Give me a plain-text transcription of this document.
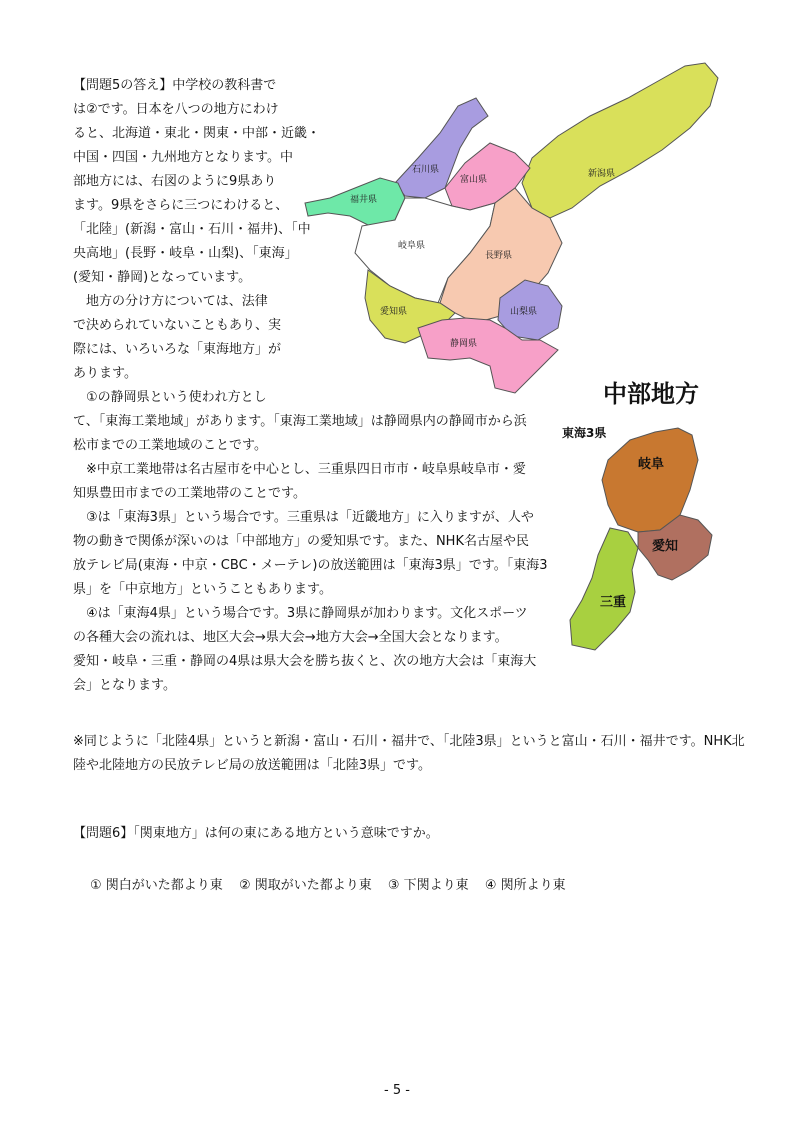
【問題5の答え】中学校の教科書で
は②です。日本を八つの地方にわけ
ると、北海道・東北・関東・中部・近畿・
中国・四国・九州地方となります。中
部地方には、右図のように9県あり
ます。9県をさらに三つにわけると、
「北陸」(新潟・富山・石川・福井)、「中
央高地」(長野・岐阜・山梨)、「東海」
(愛知・静岡)となっています。
　地方の分け方については、法律
で決められていないこともあり、実
際には、いろいろな「東海地方」が
あります。
　①の静岡県という使われ方とし
て、「東海工業地域」があります。「東海工業地域」は静岡県内の静岡市から浜
松市までの工業地域のことです。
　※中京工業地帯は名古屋市を中心とし、三重県四日市市・岐阜県岐阜市・愛
知県豊田市までの工業地帯のことです。
　③は「東海3県」という場合です。三重県は「近畿地方」に入りますが、人や
物の動きで関係が深いのは「中部地方」の愛知県です。また、NHK名古屋や民
放テレビ局(東海・中京・CBC・メーテレ)の放送範囲は「東海3県」です。「東海3
県」を「中京地方」ということもあります。
　④は「東海4県」という場合です。3県に静岡県が加わります。文化スポーツ
の各種大会の流れは、地区大会→県大会→地方大会→全国大会となります。
愛知・岐阜・三重・静岡の4県は県大会を勝ち抜くと、次の地方大会は「東海大
会」となります。
新潟県
富山県
石川県
福井県
岐阜県
長野県
山梨県
愛知県
静岡県
中部地方
東海3県
岐阜
愛知
三重
※同じように「北陸4県」というと新潟・富山・石川・福井で、「北陸3県」というと富山・石川・福井です。NHK北
陸や北陸地方の民放テレビ局の放送範囲は「北陸3県」です。
【問題6】「関東地方」は何の東にある地方という意味ですか。
① 関白がいた都より東 ② 関取がいた都より東 ③ 下関より東 ④ 関所より東
- 5 -
